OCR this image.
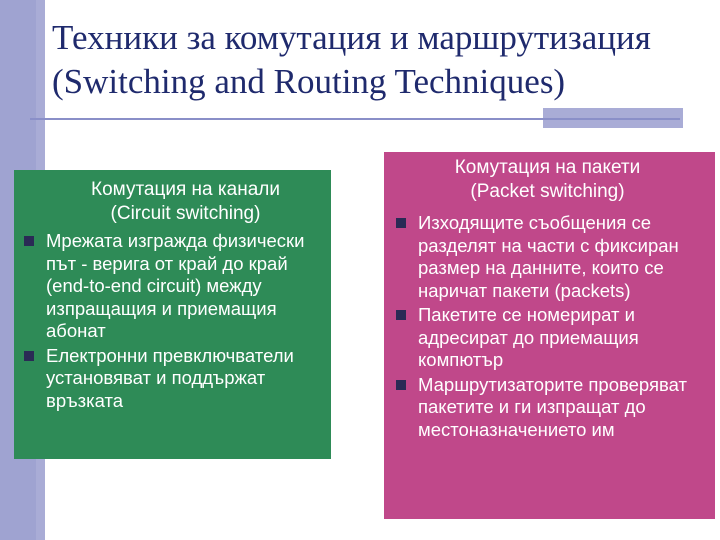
Техники за комутация и маршрутизация
(Switching and Routing Techniques)
Комутация на канали
(Circuit switching)
Мрежата изгражда физически път - верига от край до край (end-to-end circuit) между изпращащия и приемащия абонат
Електронни превключватели установяват и поддържат връзката
Комутация на пакети
(Packet switching)
Изходящите съобщения се разделят на части с фиксиран размер на данните, които се наричат пакети (packets)
Пакетите се номерират и адресират до приемащия компютър
Маршрутизаторите проверяват пакетите и ги изпращат до местоназначението им
